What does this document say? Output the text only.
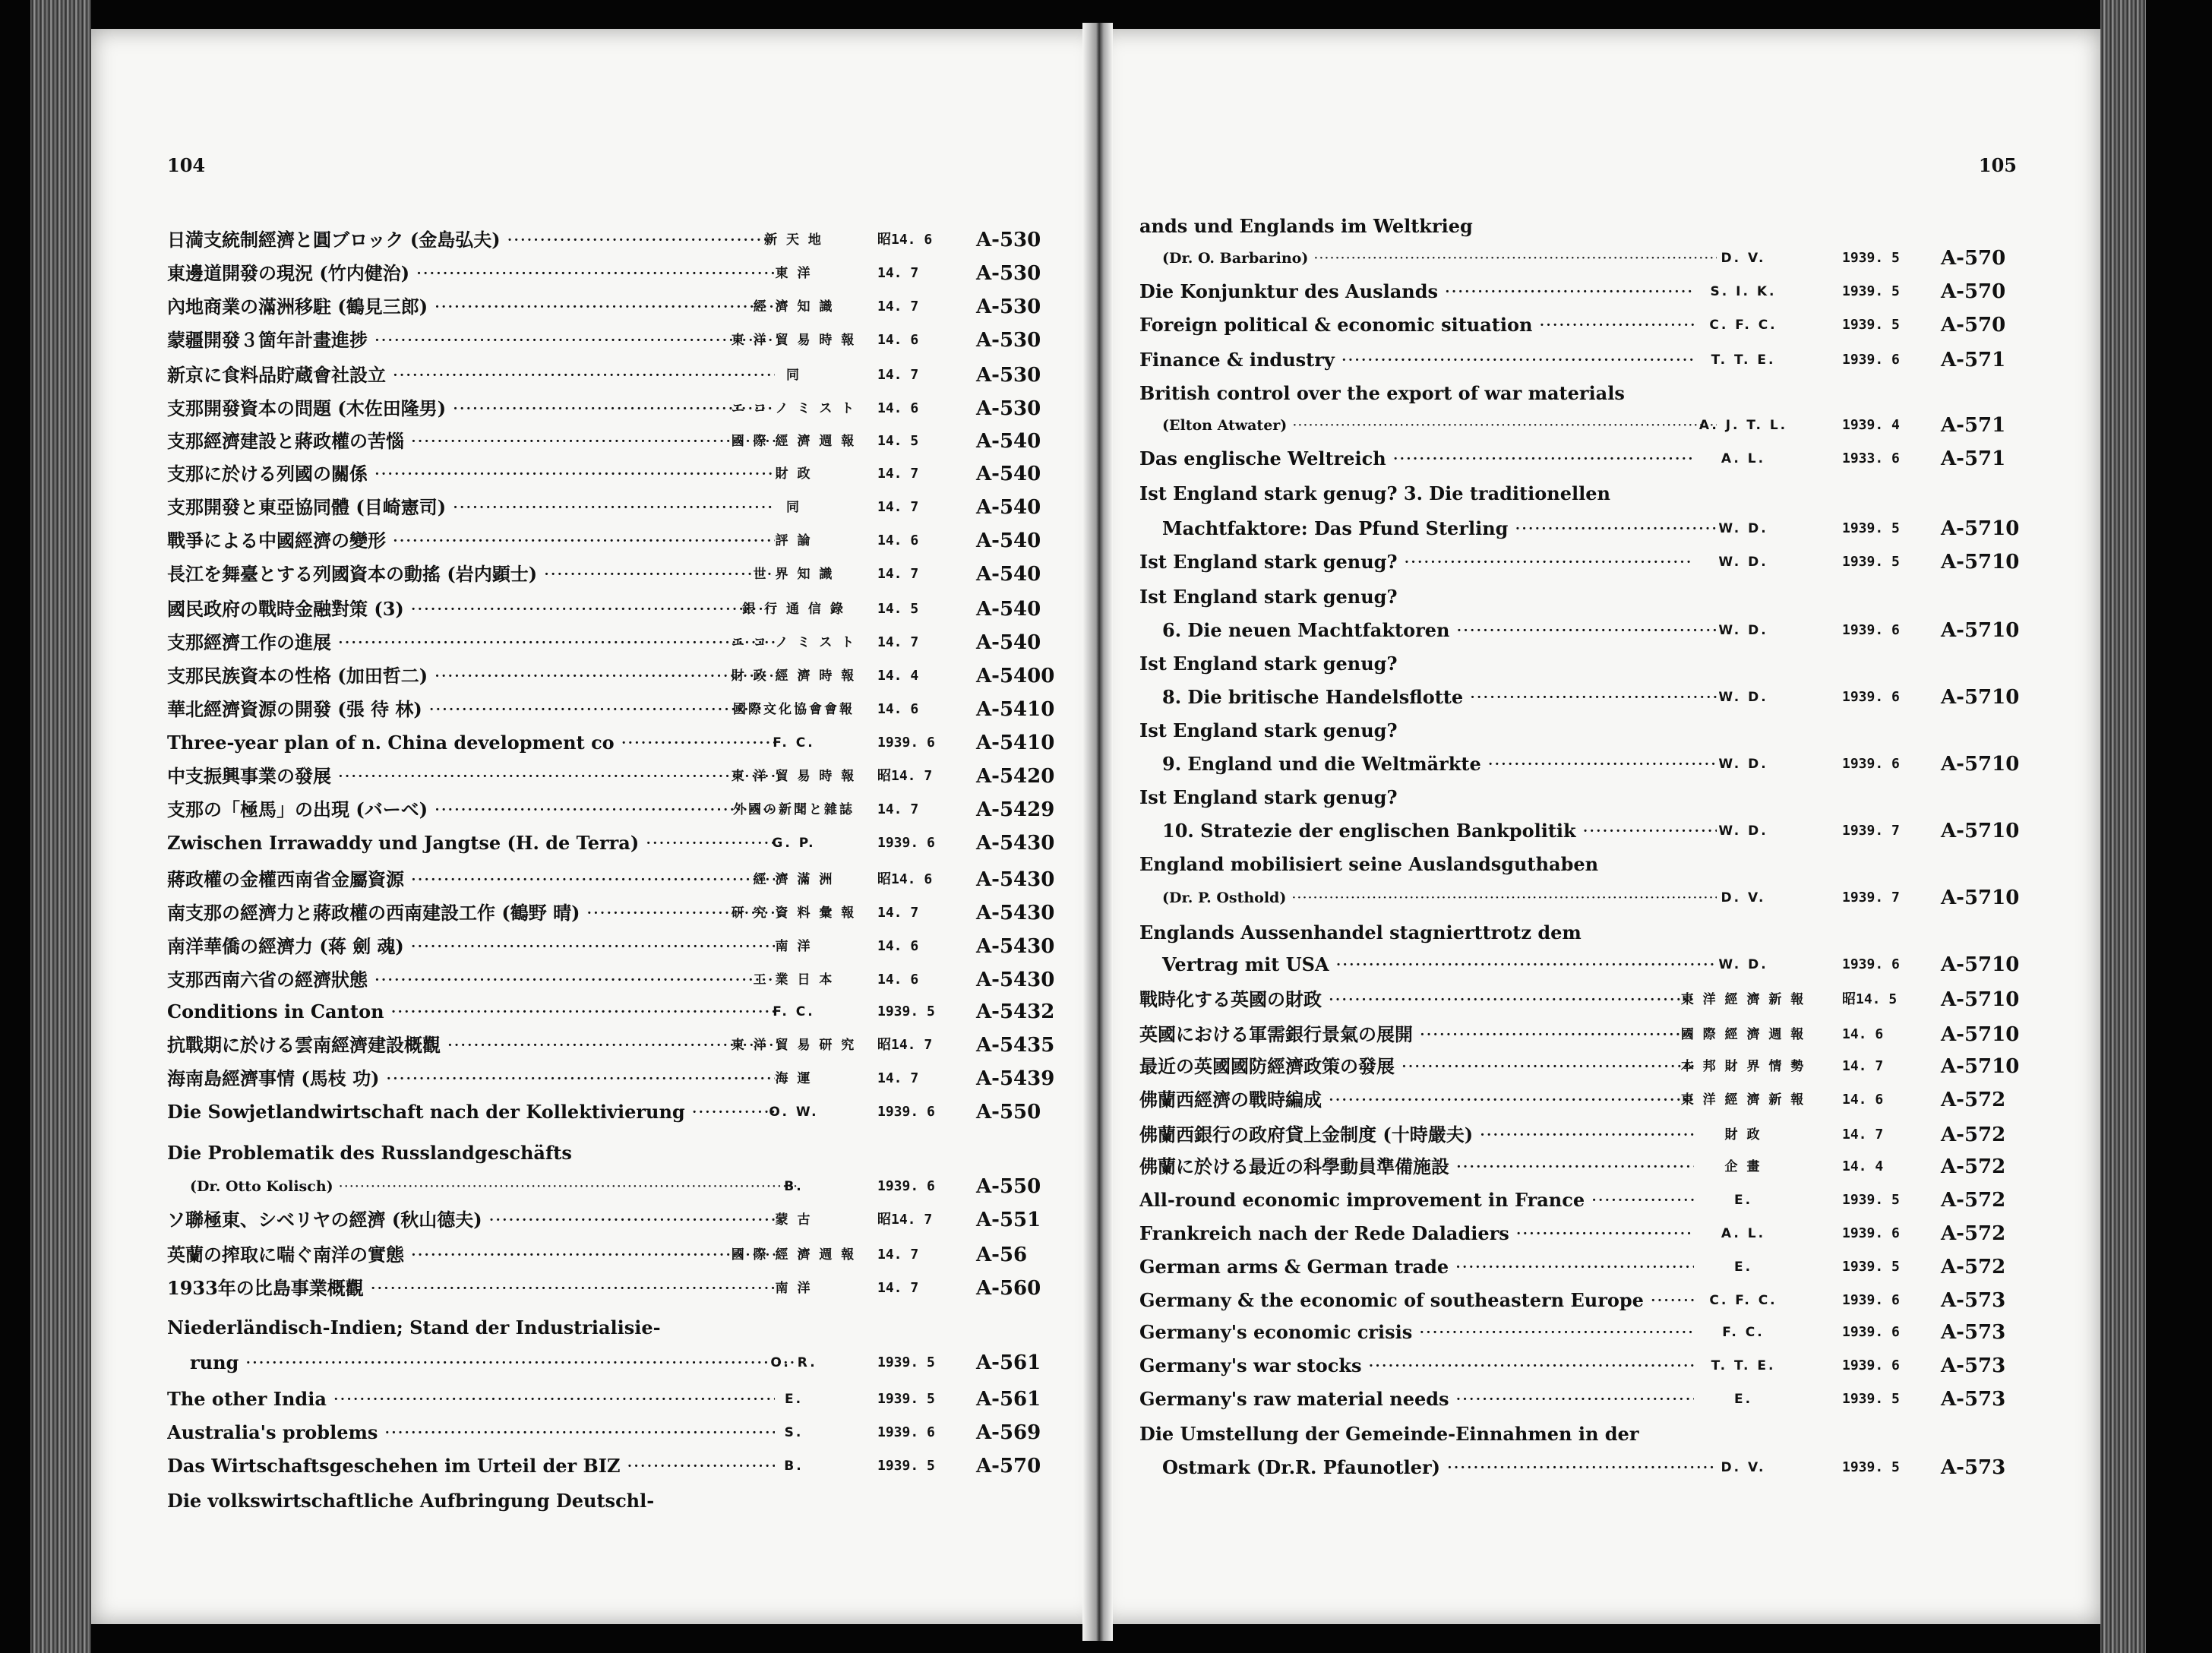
104
日満支統制經濟と圓ブロック (金島弘夫) ·····	新 天 地	昭14. 6	A-530
東邊道開發の現況 (竹内健治) ·····	東 洋	14. 7	A-530
內地商業の滿洲移駐 (鶴見三郎) ·····	經 濟 知 識	14. 7	A-530
蒙疆開發３箇年計畫進捗 ·····	東 洋 貿 易 時 報	14. 6	A-530
新京に食料品貯蔵會社設立 ·····	同	14. 7	A-530
支那開發資本の問題 (木佐田隆男) ·····	エ コ ノ ミ ス ト	14. 6	A-530
支那經濟建設と蔣政權の苦惱 ·····	國 際 經 濟 週 報	14. 5	A-540
支那に於ける列國の關係 ·····	財 政	14. 7	A-540
支那開發と東亞協同體 (目崎憲司) ·····	同	14. 7	A-540
戰爭による中國經濟の變形 ·····	評 論	14. 6	A-540
長江を舞臺とする列國資本の動搖 (岩内顕士) ·····	世 界 知 識	14. 7	A-540
國民政府の戰時金融對策 (3) ·····	銀 行 通 信 錄	14. 5	A-540
支那經濟工作の進展 ·····	エ コ ノ ミ ス ト	14. 7	A-540
支那民族資本の性格 (加田哲二) ·····	財 政 經 濟 時 報	14. 4	A-5400
華北經濟資源の開發 (張 待 林) ·····	國際文化協會會報	14. 6	A-5410
Three-year plan of n. China development co ·····	F. C.	1939. 6	A-5410
中支振興事業の發展 ·····	東 洋 貿 易 時 報	昭14. 7	A-5420
支那の「極馬」の出現 (バーベ) ·····	外國の新聞と雜誌	14. 7	A-5429
Zwischen Irrawaddy und Jangtse (H. de Terra) ·····	G. P.	1939. 6	A-5430
蔣政權の金權西南省金屬資源 ·····	經 濟 滿 洲	昭14. 6	A-5430
南支那の經濟力と蔣政權の西南建設工作 (鶴野 晴) ·····	研 究 資 料 彙 報	14. 7	A-5430
南洋華僑の經濟力 (蒋 劍 魂) ·····	南 洋	14. 6	A-5430
支那西南六省の經濟狀態 ·····	工 業 日 本	14. 6	A-5430
Conditions in Canton ·····	F. C.	1939. 5	A-5432
抗戰期に於ける雲南經濟建設概觀 ·····	東 洋 貿 易 研 究	昭14. 7	A-5435
海南島經濟事情 (馬枝 功) ·····	海 運	14. 7	A-5439
Die Sowjetlandwirtschaft nach der Kollektivierung ·····	O. W.	1939. 6	A-550
Die Problematik des Russlandgeschäfts
(Dr. Otto Kolisch) ·····	B.	1939. 6	A-550
ソ聯極東、シベリヤの經濟 (秋山德夫) ·····	蒙 古	昭14. 7	A-551
英蘭の搾取に喘ぐ南洋の實態 ·····	國 際 經 濟 週 報	14. 7	A-56
1933年の比島事業概觀 ·····	南 洋	14. 7	A-560
Niederländisch-Indien; Stand der Industrialisie-
rung ·····	O. R.	1939. 5	A-561
The other India ·····	E.	1939. 5	A-561
Australia's problems ·····	S.	1939. 6	A-569
Das Wirtschaftsgeschehen im Urteil der BIZ ·····	B.	1939. 5	A-570
Die volkswirtschaftliche Aufbringung Deutschl-
105
ands und Englands im Weltkrieg
(Dr. O. Barbarino) ·····	D. V.	1939. 5	A-570
Die Konjunktur des Auslands ·····	S. I. K.	1939. 5	A-570
Foreign political & economic situation ·····	C. F. C.	1939. 5	A-570
Finance & industry ·····	T. T. E.	1939. 6	A-571
British control over the export of war materials
(Elton Atwater) ·····	A. J. T. L.	1939. 4	A-571
Das englische Weltreich ·····	A. L.	1933. 6	A-571
Ist England stark genug? 3. Die traditionellen
Machtfaktore: Das Pfund Sterling ·····	W. D.	1939. 5	A-5710
Ist England stark genug? ·····	W. D.	1939. 5	A-5710
Ist England stark genug?
6. Die neuen Machtfaktoren ·····	W. D.	1939. 6	A-5710
Ist England stark genug?
8. Die britische Handelsflotte ·····	W. D.	1939. 6	A-5710
Ist England stark genug?
9. England und die Weltmärkte ·····	W. D.	1939. 6	A-5710
Ist England stark genug?
10. Stratezie der englischen Bankpolitik ·····	W. D.	1939. 7	A-5710
England mobilisiert seine Auslandsguthaben
(Dr. P. Osthold) ·····	D. V.	1939. 7	A-5710
Englands Aussenhandel stagnierttrotz dem
Vertrag mit USA ·····	W. D.	1939. 6	A-5710
戰時化する英國の財政 ·····	東 洋 經 濟 新 報	昭14. 5	A-5710
英國における軍需銀行景氣の展開 ·····	國 際 經 濟 週 報	14. 6	A-5710
最近の英國國防經濟政策の發展 ·····	本 邦 財 界 情 勢	14. 7	A-5710
佛蘭西經濟の戰時編成 ·····	東 洋 經 濟 新 報	14. 6	A-572
佛蘭西銀行の政府貸上金制度 (十時嚴夫) ·····	財 政	14. 7	A-572
佛蘭に於ける最近の科學動員準備施設 ·····	企 畫	14. 4	A-572
All-round economic improvement in France ·····	E.	1939. 5	A-572
Frankreich nach der Rede Daladiers ·····	A. L.	1939. 6	A-572
German arms & German trade ·····	E.	1939. 5	A-572
Germany & the economic of southeastern Europe ·····	C. F. C.	1939. 6	A-573
Germany's economic crisis ·····	F. C.	1939. 6	A-573
Germany's war stocks ·····	T. T. E.	1939. 6	A-573
Germany's raw material needs ·····	E.	1939. 5	A-573
Die Umstellung der Gemeinde-Einnahmen in der
Ostmark (Dr.R. Pfaunotler) ·····	D. V.	1939. 5	A-573
